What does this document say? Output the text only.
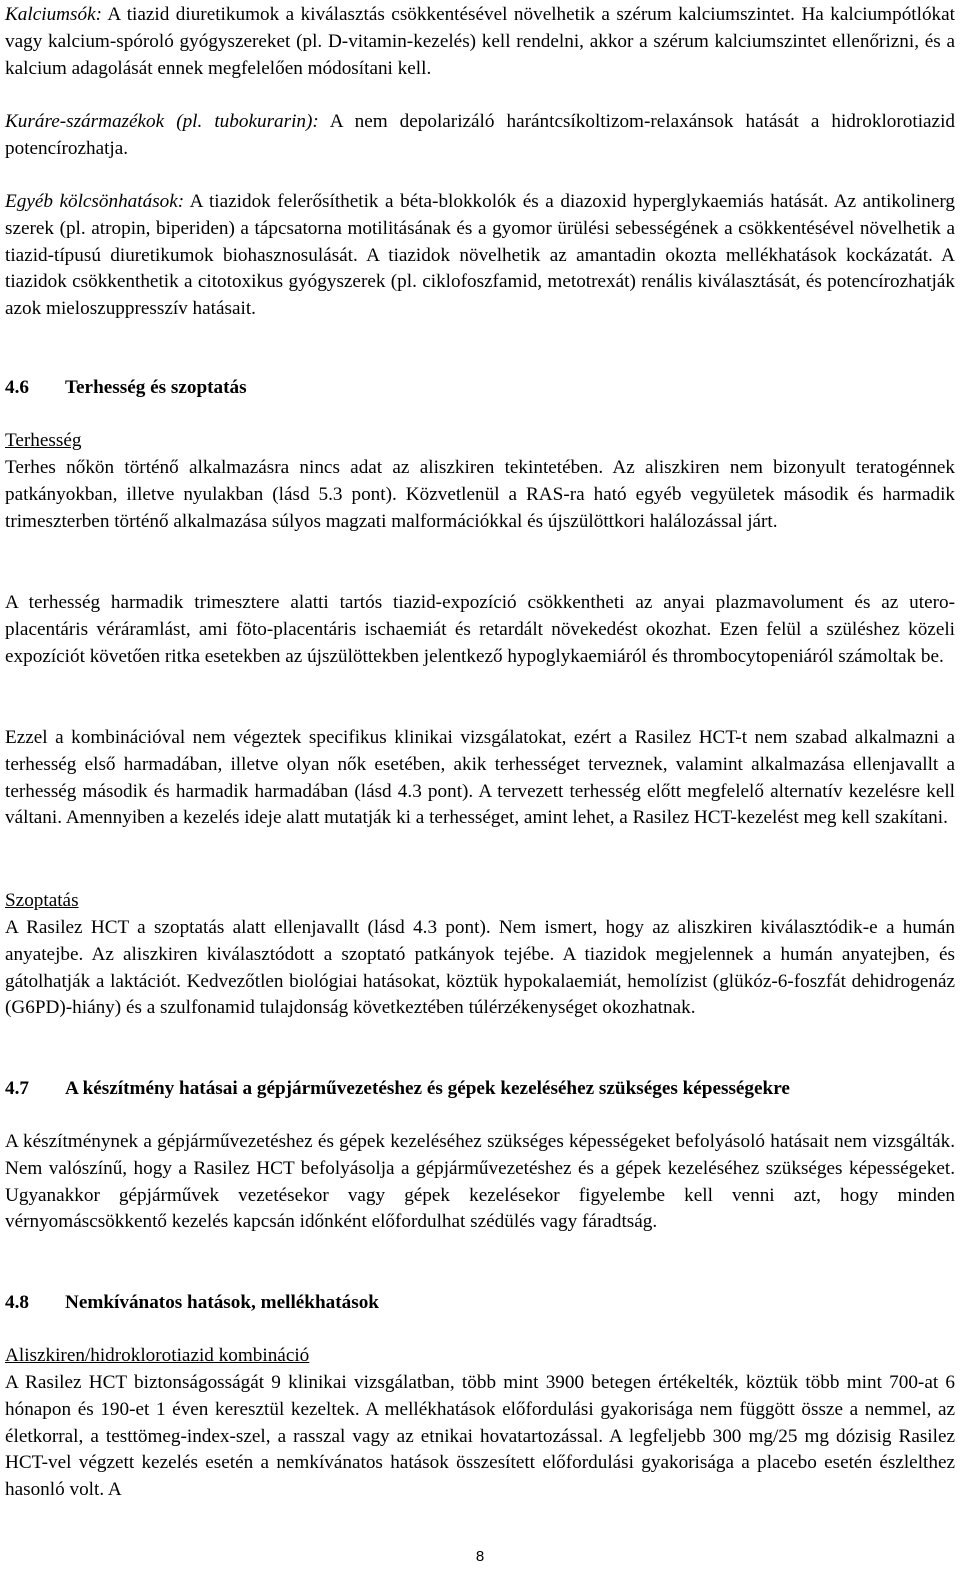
Kalciumsók: A tiazid diuretikumok a kiválasztás csökkentésével növelhetik a szérum kalciumszintet. Ha kalciumpótlókat vagy kalcium-spóroló gyógyszereket (pl. D-vitamin-kezelés) kell rendelni, akkor a szérum kalciumszintet ellenőrizni, és a kalcium adagolását ennek megfelelően módosítani kell.

Kuráre-származékok (pl. tubokurarin): A nem depolarizáló harántcsíkoltizom-relaxánsok hatását a hidroklorotiazid potencírozhatja.

Egyéb kölcsönhatások: A tiazidok felerősíthetik a béta-blokkolók és a diazoxid hyperglykaemiás hatását. Az antikolinerg szerek (pl. atropin, biperiden) a tápcsatorna motilitásának és a gyomor ürülési sebességének a csökkentésével növelhetik a tiazid-típusú diuretikumok biohasznosulását. A tiazidok növelhetik az amantadin okozta mellékhatások kockázatát. A tiazidok csökkenthetik a citotoxikus gyógyszerek (pl. ciklofoszfamid, metotrexát) renális kiválasztását, és potencírozhatják azok mieloszuppresszív hatásait.

4.6 Terhesség és szoptatás
Terhesség

Terhes nőkön történő alkalmazásra nincs adat az aliszkiren tekintetében. Az aliszkiren nem bizonyult teratogénnek patkányokban, illetve nyulakban (lásd 5.3 pont). Közvetlenül a RAS-ra ható egyéb vegyületek második és harmadik trimeszterben történő alkalmazása súlyos magzati malformációkkal és újszülöttkori halálozással járt.

A terhesség harmadik trimesztere alatti tartós tiazid-expozíció csökkentheti az anyai plazmavolument és az utero-placentáris véráramlást, ami föto-placentáris ischaemiát és retardált növekedést okozhat. Ezen felül a szüléshez közeli expozíciót követően ritka esetekben az újszülöttekben jelentkező hypoglykaemiáról és thrombocytopeniáról számoltak be.

Ezzel a kombinációval nem végeztek specifikus klinikai vizsgálatokat, ezért a Rasilez HCT-t nem szabad alkalmazni a terhesség első harmadában, illetve olyan nők esetében, akik terhességet terveznek, valamint alkalmazása ellenjavallt a terhesség második és harmadik harmadában (lásd 4.3 pont). A tervezett terhesség előtt megfelelő alternatív kezelésre kell váltani. Amennyiben a kezelés ideje alatt mutatják ki a terhességet, amint lehet, a Rasilez HCT-kezelést meg kell szakítani.

Szoptatás

A Rasilez HCT a szoptatás alatt ellenjavallt (lásd 4.3 pont). Nem ismert, hogy az aliszkiren kiválasztódik-e a humán anyatejbe. Az aliszkiren kiválasztódott a szoptató patkányok tejébe. A tiazidok megjelennek a humán anyatejben, és gátolhatják a laktációt. Kedvezőtlen biológiai hatásokat, köztük hypokalaemiát, hemolízist (glükóz-6-foszfát dehidrogenáz (G6PD)-hiány) és a szulfonamid tulajdonság következtében túlérzékenységet okozhatnak.

4.7 A készítmény hatásai a gépjárművezetéshez és gépek kezeléséhez szükséges képességekre

A készítménynek a gépjárművezetéshez és gépek kezeléséhez szükséges képességeket befolyásoló hatásait nem vizsgálták. Nem valószínű, hogy a Rasilez HCT befolyásolja a gépjárművezetéshez és a gépek kezeléséhez szükséges képességeket. Ugyanakkor gépjárművek vezetésekor vagy gépek kezelésekor figyelembe kell venni azt, hogy minden vérnyomáscsökkentő kezelés kapcsán időnként előfordulhat szédülés vagy fáradtság.

4.8 Nemkívánatos hatások, mellékhatások
Aliszkiren/hidroklorotiazid kombináció

A Rasilez HCT biztonságosságát 9 klinikai vizsgálatban, több mint 3900 betegen értékelték, köztük több mint 700-at 6 hónapon és 190-et 1 éven keresztül kezeltek. A mellékhatások előfordulási gyakorisága nem függött össze a nemmel, az életkorral, a testtömeg-index-szel, a rasszal vagy az etnikai hovatartozással. A legfeljebb 300 mg/25 mg dózisig Rasilez HCT-vel végzett kezelés esetén a nemkívánatos hatások összesített előfordulási gyakorisága a placebo esetén észlelthez hasonló volt. A

8
